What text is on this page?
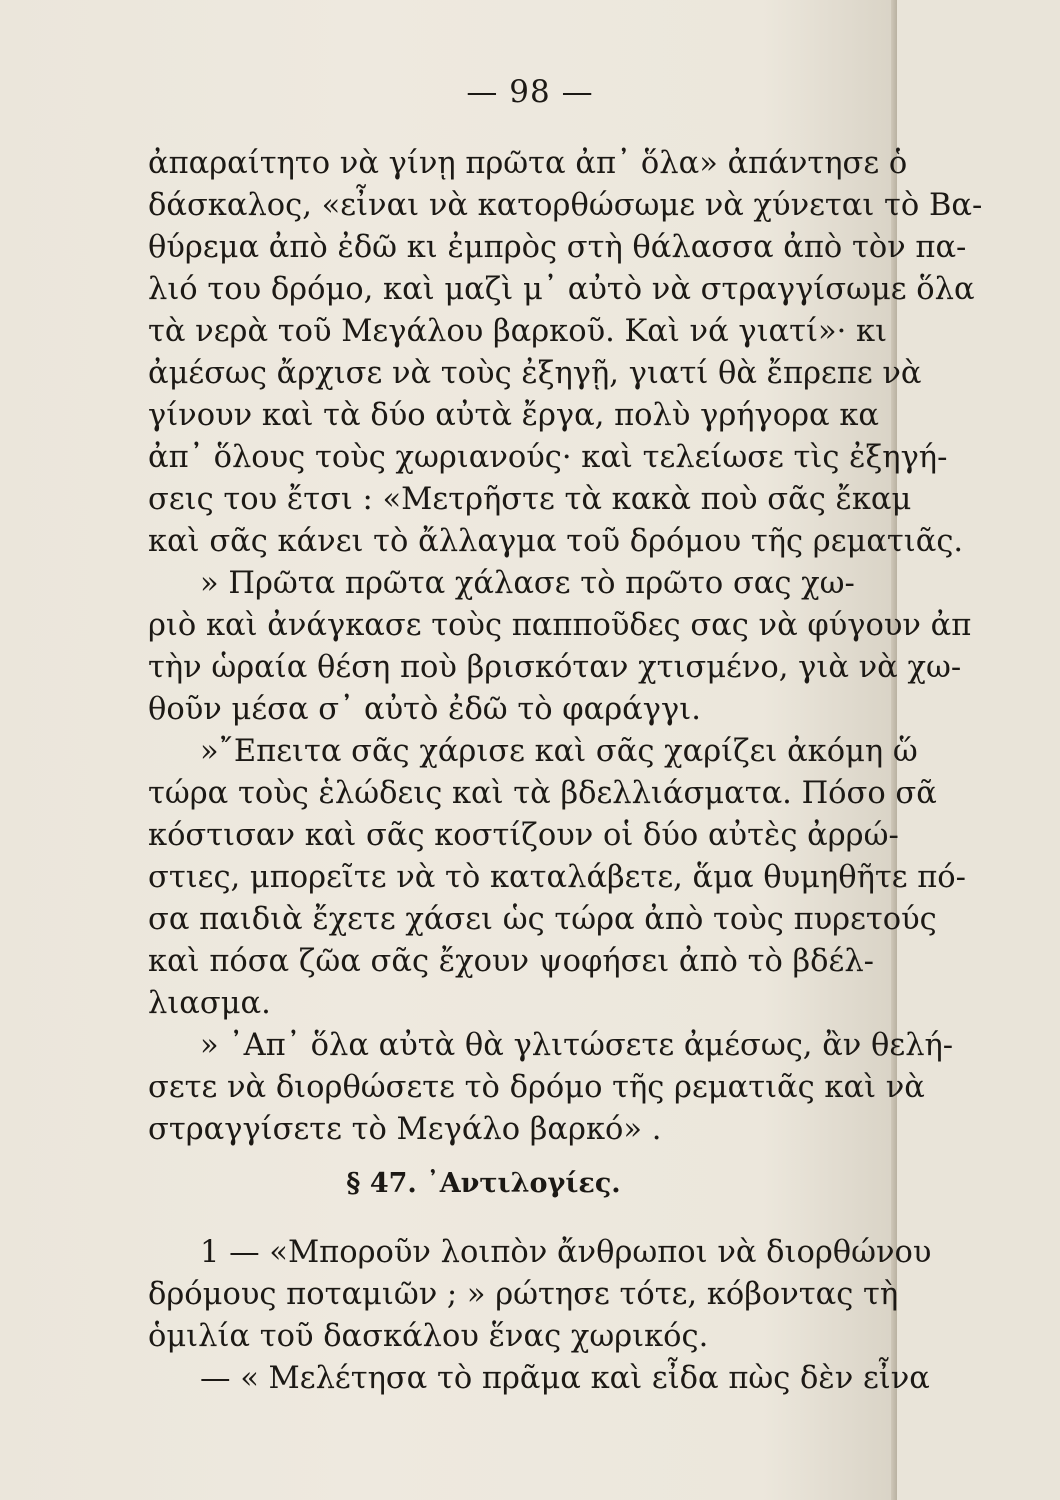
— 98 —
ἀπαραίτητο νὰ γίνῃ πρῶτα ἀπ᾽ ὅλα» ἀπάντησε ὁ
δάσκαλος, «εἶναι νὰ κατορθώσωμε νὰ χύνεται τὸ Βα-
θύρεμα ἀπὸ ἐδῶ κι ἐμπρὸς στὴ θάλασσα ἀπὸ τὸν πα-
λιό του δρόμο, καὶ μαζὶ μ᾽ αὐτὸ νὰ στραγγίσωμε ὅλα
τὰ νερὰ τοῦ Μεγάλου βαρκοῦ. Καὶ νά γιατί»· κι
ἀμέσως ἄρχισε νὰ τοὺς ἐξηγῇ, γιατί θὰ ἔπρεπε νὰ
γίνουν καὶ τὰ δύο αὐτὰ ἔργα, πολὺ γρήγορα κα
ἀπ᾽ ὅλους τοὺς χωριανούς· καὶ τελείωσε τὶς ἐξηγή-
σεις του ἔτσι : «Μετρῆστε τὰ κακὰ ποὺ σᾶς ἔκαμ
καὶ σᾶς κάνει τὸ ἄλλαγμα τοῦ δρόμου τῆς ρεματιᾶς.
» Πρῶτα πρῶτα χάλασε τὸ πρῶτο σας χω-
ριὸ καὶ ἀνάγκασε τοὺς παπποῦδες σας νὰ φύγουν ἀπ
τὴν ὡραία θέση ποὺ βρισκόταν χτισμένο, γιὰ νὰ χω-
θοῦν μέσα σ᾽ αὐτὸ ἐδῶ τὸ φαράγγι.
»῎Επειτα σᾶς χάρισε καὶ σᾶς χαρίζει ἀκόμη ὥ
τώρα τοὺς ἑλώδεις καὶ τὰ βδελλιάσματα. Πόσο σᾶ
κόστισαν καὶ σᾶς κοστίζουν οἱ δύο αὐτὲς ἀρρώ-
στιες, μπορεῖτε νὰ τὸ καταλάβετε, ἅμα θυμηθῆτε πό-
σα παιδιὰ ἔχετε χάσει ὡς τώρα ἀπὸ τοὺς πυρετούς
καὶ πόσα ζῶα σᾶς ἔχουν ψοφήσει ἀπὸ τὸ βδέλ-
λιασμα.
» ᾽Απ᾽ ὅλα αὐτὰ θὰ γλιτώσετε ἀμέσως, ἂν θελή-
σετε νὰ διορθώσετε τὸ δρόμο τῆς ρεματιᾶς καὶ νὰ
στραγγίσετε τὸ Μεγάλο βαρκό» .
§ 47. ᾽Αντιλογίες.
1 — «Μποροῦν λοιπὸν ἄνθρωποι νὰ διορθώνου
δρόμους ποταμιῶν ; » ρώτησε τότε, κόβοντας τὴ
ὁμιλία τοῦ δασκάλου ἕνας χωρικός.
— « Μελέτησα τὸ πρᾶμα καὶ εἶδα πὼς δὲν εἶνα
